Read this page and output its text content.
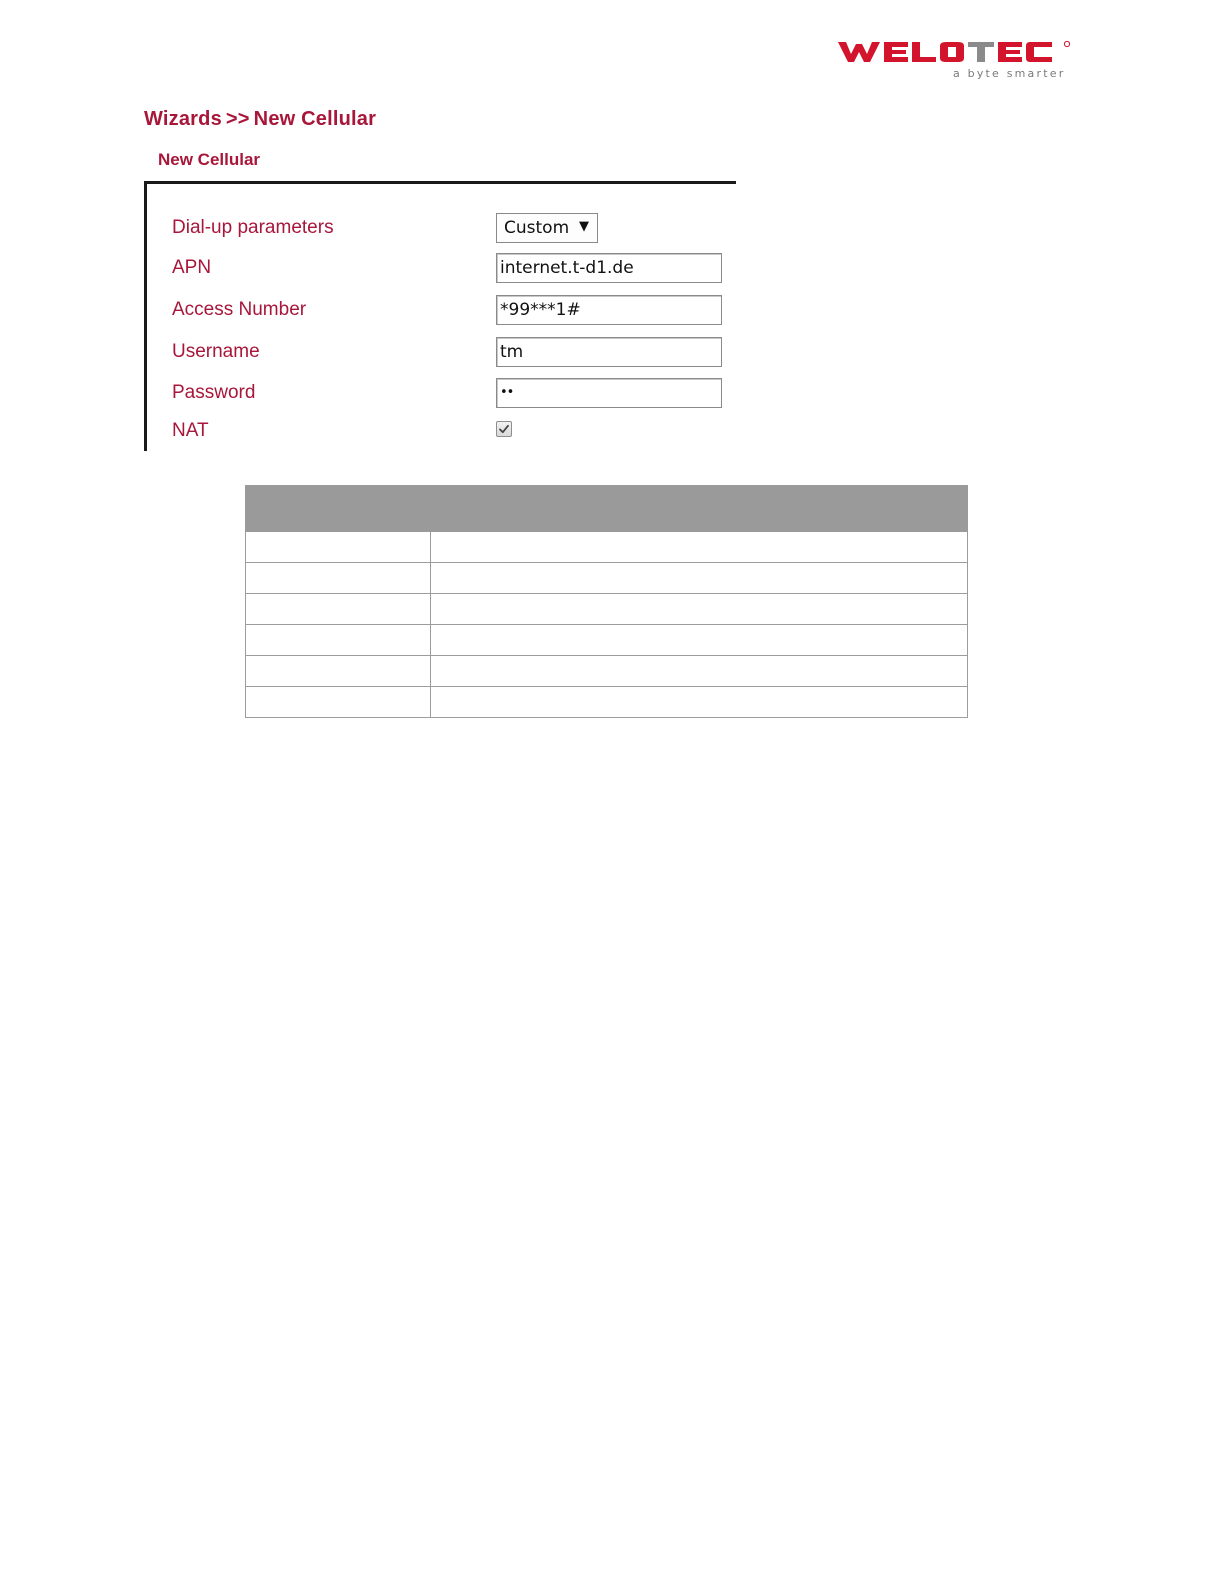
a byte smarter
Wizards >> New Cellular
New Cellular
Dial-up parameters	Custom ▼
APN	internet.t-d1.de
Access Number	*99***1#
Username	tm
Password	••
NAT
